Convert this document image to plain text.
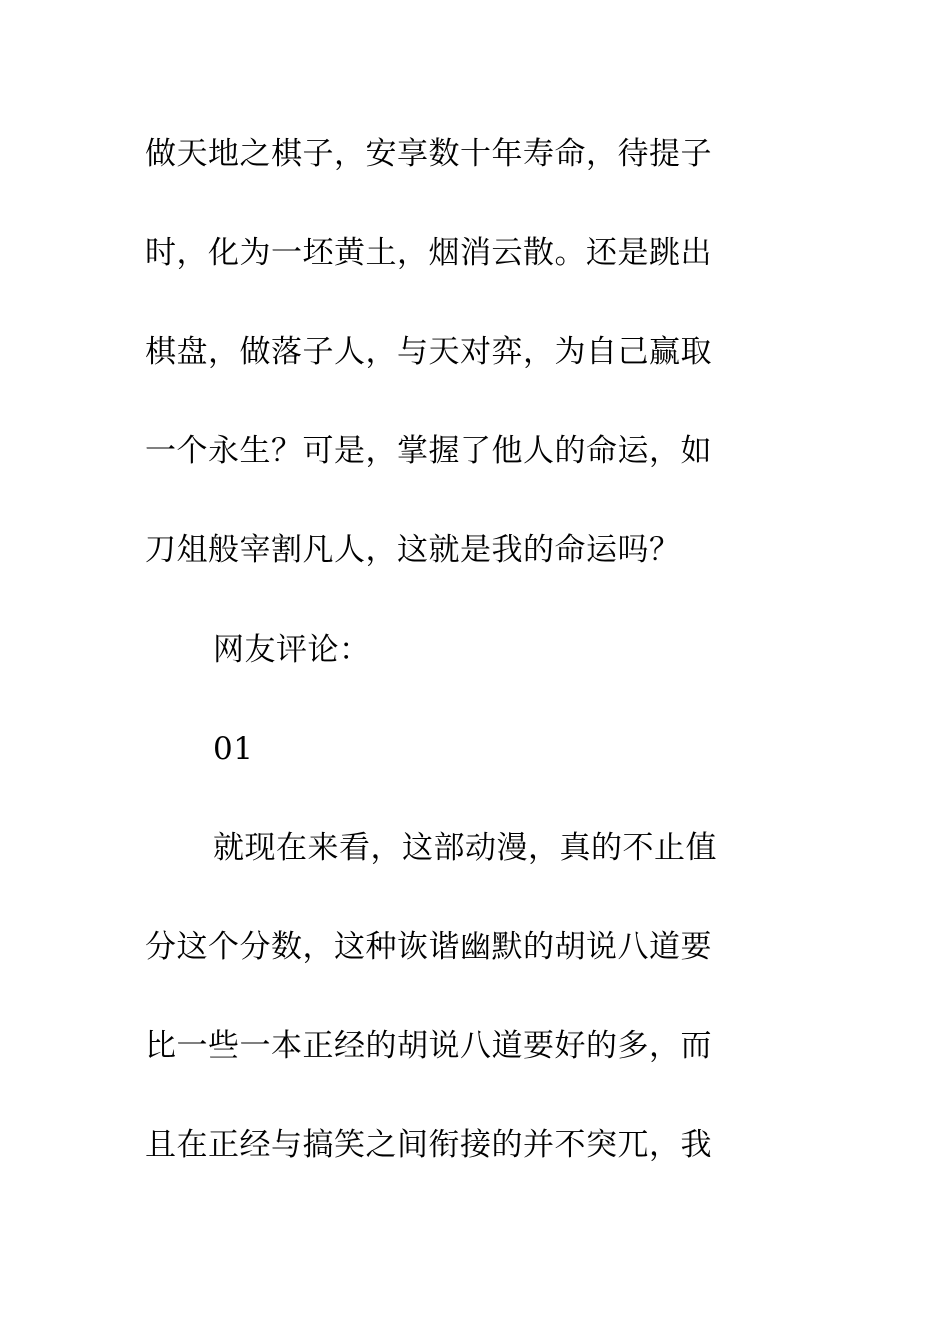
做天地之棋子，安享数十年寿命，待提子
时，化为一坯黄土，烟消云散。还是跳出
棋盘，做落子人，与天对弈，为自己赢取
一个永生？可是，掌握了他人的命运，如
刀俎般宰割凡人，这就是我的命运吗？
网友评论：
01
就现在来看，这部动漫，真的不止值
分这个分数，这种诙谐幽默的胡说八道要
比一些一本正经的胡说八道要好的多，而
且在正经与搞笑之间衔接的并不突兀，我
